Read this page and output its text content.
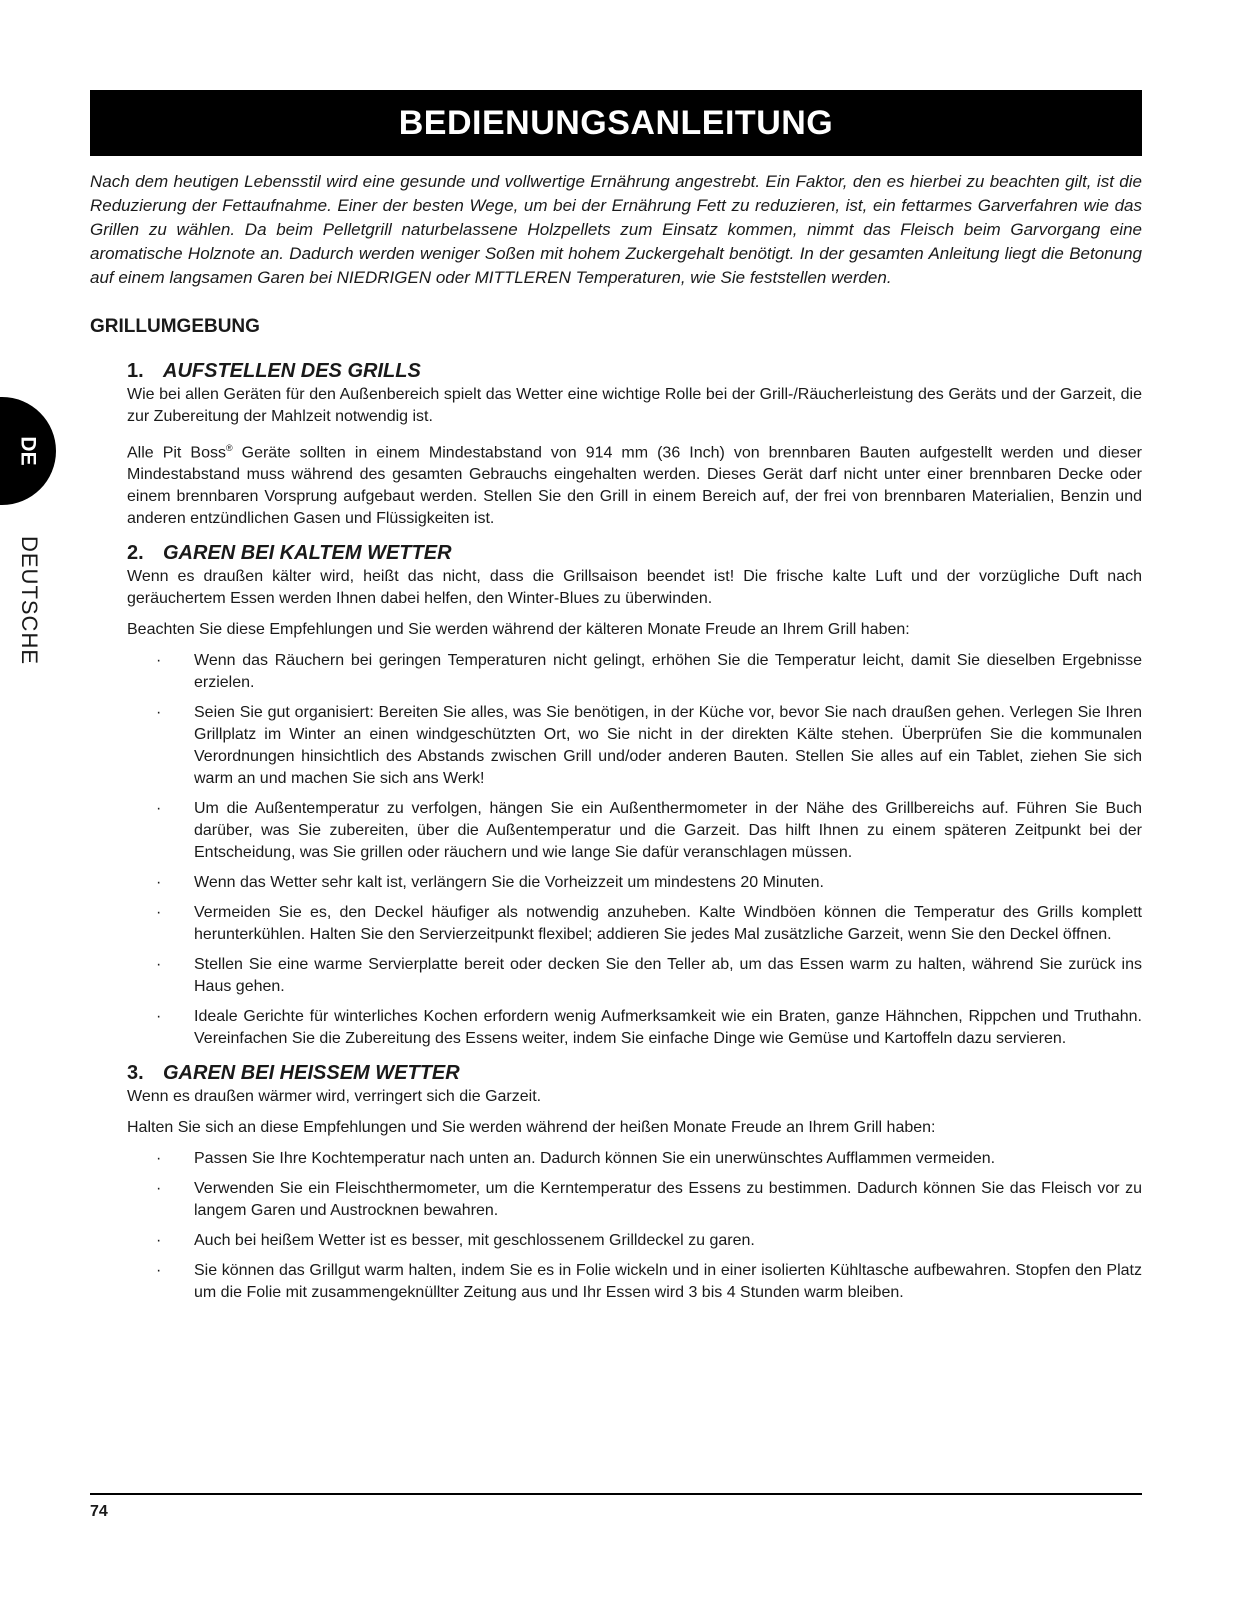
BEDIENUNGSANLEITUNG

Nach dem heutigen Lebensstil wird eine gesunde und vollwertige Ernährung angestrebt. Ein Faktor, den es hierbei zu beachten gilt, ist die Reduzierung der Fettaufnahme. Einer der besten Wege, um bei der Ernährung Fett zu reduzieren, ist, ein fettarmes Garverfahren wie das Grillen zu wählen. Da beim Pelletgrill naturbelassene Holzpellets zum Einsatz kommen, nimmt das Fleisch beim Garvorgang eine aromatische Holznote an. Dadurch werden weniger Soßen mit hohem Zuckergehalt benötigt. In der gesamten Anleitung liegt die Betonung auf einem langsamen Garen bei NIEDRIGEN oder MITTLEREN Temperaturen, wie Sie feststellen werden.

GRILLUMGEBUNG
DE
DEUTSCHE
1. AUFSTELLEN DES GRILLS

Wie bei allen Geräten für den Außenbereich spielt das Wetter eine wichtige Rolle bei der Grill-/Räucherleistung des Geräts und der Garzeit, die zur Zubereitung der Mahlzeit notwendig ist.

Alle Pit Boss® Geräte sollten in einem Mindestabstand von 914 mm (36 Inch) von brennbaren Bauten aufgestellt werden und dieser Mindestabstand muss während des gesamten Gebrauchs eingehalten werden. Dieses Gerät darf nicht unter einer brennbaren Decke oder einem brennbaren Vorsprung aufgebaut werden. Stellen Sie den Grill in einem Bereich auf, der frei von brennbaren Materialien, Benzin und anderen entzündlichen Gasen und Flüssigkeiten ist.

2. GAREN BEI KALTEM WETTER

Wenn es draußen kälter wird, heißt das nicht, dass die Grillsaison beendet ist! Die frische kalte Luft und der vorzügliche Duft nach geräuchertem Essen werden Ihnen dabei helfen, den Winter-Blues zu überwinden.

Beachten Sie diese Empfehlungen und Sie werden während der kälteren Monate Freude an Ihrem Grill haben:

· Wenn das Räuchern bei geringen Temperaturen nicht gelingt, erhöhen Sie die Temperatur leicht, damit Sie dieselben Ergebnisse erzielen.
· Seien Sie gut organisiert: Bereiten Sie alles, was Sie benötigen, in der Küche vor, bevor Sie nach draußen gehen. Verlegen Sie Ihren Grillplatz im Winter an einen windgeschützten Ort, wo Sie nicht in der direkten Kälte stehen. Überprüfen Sie die kommunalen Verordnungen hinsichtlich des Abstands zwischen Grill und/oder anderen Bauten. Stellen Sie alles auf ein Tablet, ziehen Sie sich warm an und machen Sie sich ans Werk!
· Um die Außentemperatur zu verfolgen, hängen Sie ein Außenthermometer in der Nähe des Grillbereichs auf. Führen Sie Buch darüber, was Sie zubereiten, über die Außentemperatur und die Garzeit. Das hilft Ihnen zu einem späteren Zeitpunkt bei der Entscheidung, was Sie grillen oder räuchern und wie lange Sie dafür veranschlagen müssen.
· Wenn das Wetter sehr kalt ist, verlängern Sie die Vorheizzeit um mindestens 20 Minuten.
· Vermeiden Sie es, den Deckel häufiger als notwendig anzuheben. Kalte Windböen können die Temperatur des Grills komplett herunterkühlen. Halten Sie den Servierzeitpunkt flexibel; addieren Sie jedes Mal zusätzliche Garzeit, wenn Sie den Deckel öffnen.
· Stellen Sie eine warme Servierplatte bereit oder decken Sie den Teller ab, um das Essen warm zu halten, während Sie zurück ins Haus gehen.
· Ideale Gerichte für winterliches Kochen erfordern wenig Aufmerksamkeit wie ein Braten, ganze Hähnchen, Rippchen und Truthahn. Vereinfachen Sie die Zubereitung des Essens weiter, indem Sie einfache Dinge wie Gemüse und Kartoffeln dazu servieren.
3. GAREN BEI HEISSEM WETTER

Wenn es draußen wärmer wird, verringert sich die Garzeit.

Halten Sie sich an diese Empfehlungen und Sie werden während der heißen Monate Freude an Ihrem Grill haben:

· Passen Sie Ihre Kochtemperatur nach unten an. Dadurch können Sie ein unerwünschtes Aufflammen vermeiden.
· Verwenden Sie ein Fleischthermometer, um die Kerntemperatur des Essens zu bestimmen. Dadurch können Sie das Fleisch vor zu langem Garen und Austrocknen bewahren.
· Auch bei heißem Wetter ist es besser, mit geschlossenem Grilldeckel zu garen.
· Sie können das Grillgut warm halten, indem Sie es in Folie wickeln und in einer isolierten Kühltasche aufbewahren. Stopfen den Platz um die Folie mit zusammengeknüllter Zeitung aus und Ihr Essen wird 3 bis 4 Stunden warm bleiben.
74
